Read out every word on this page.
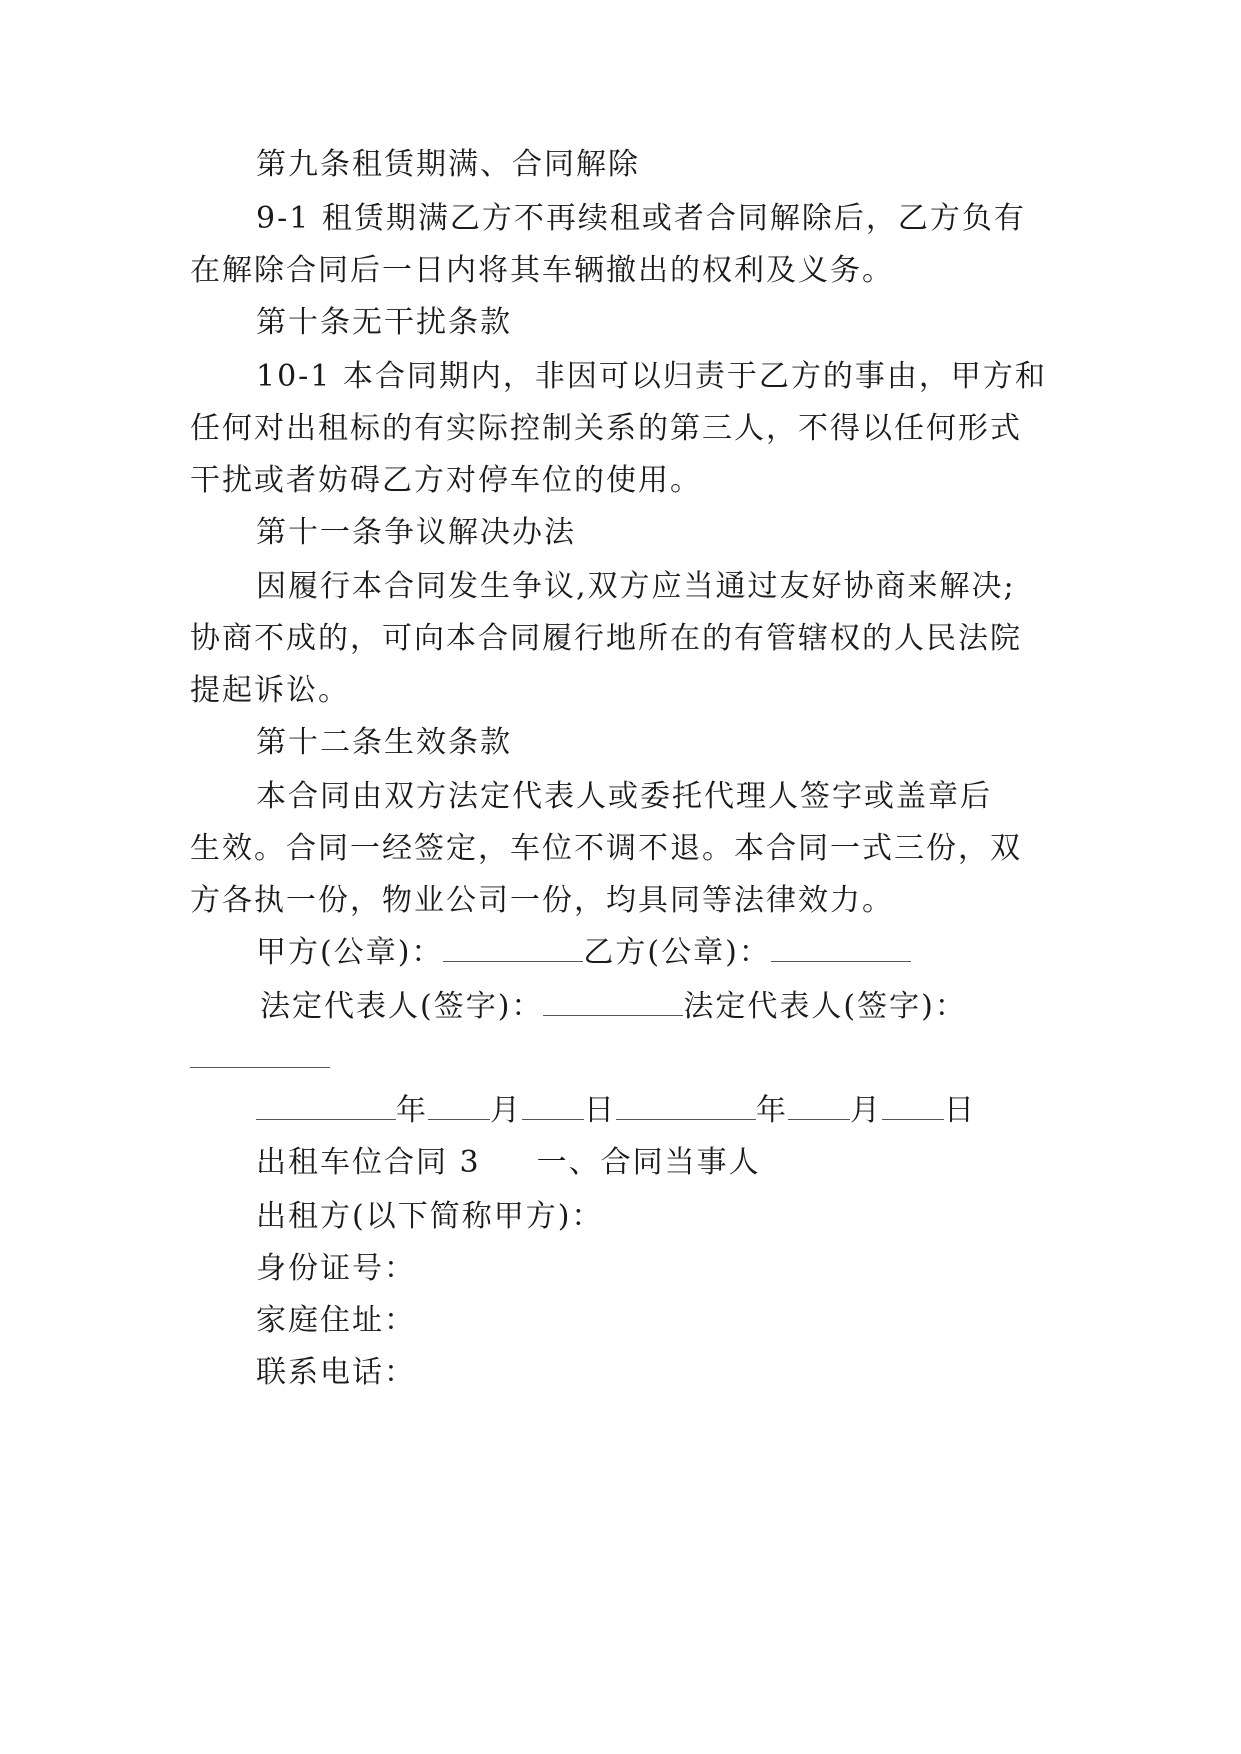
第九条租赁期满、合同解除
9-1 租赁期满乙方不再续租或者合同解除后，乙方负有
在解除合同后一日内将其车辆撤出的权利及义务。
第十条无干扰条款
10-1 本合同期内，非因可以归责于乙方的事由，甲方和
任何对出租标的有实际控制关系的第三人，不得以任何形式
干扰或者妨碍乙方对停车位的使用。
第十一条争议解决办法
因履行本合同发生争议,双方应当通过友好协商来解决;
协商不成的，可向本合同履行地所在的有管辖权的人民法院
提起诉讼。
第十二条生效条款
本合同由双方法定代表人或委托代理人签字或盖章后
生效。合同一经签定，车位不调不退。本合同一式三份，双
方各执一份，物业公司一份，均具同等法律效力。
甲方(公章)：	乙方(公章)：
法定代表人(签字)：	法定代表人(签字)：
年 月 日	年 月 日
出租车位合同 3 一、合同当事人
出租方(以下简称甲方)：
身份证号：
家庭住址：
联系电话：
